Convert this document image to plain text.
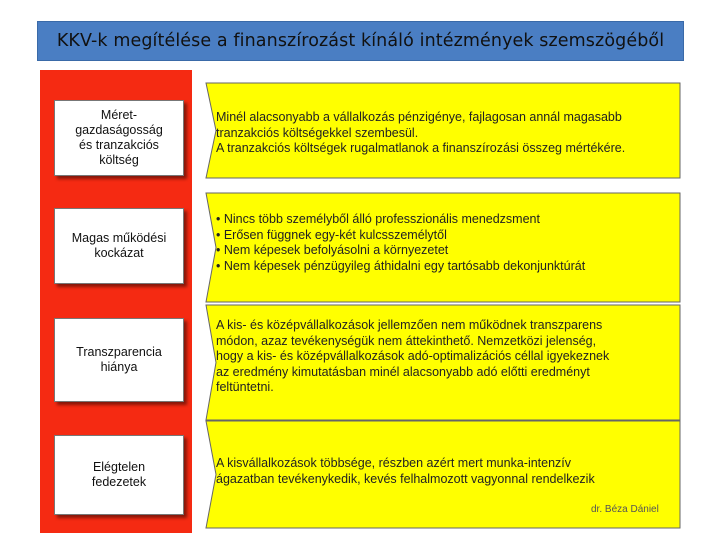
KKV-k megítélése a finanszírozást kínáló intézmények szemszögéből
Méret-
gazdaságosság
és tranzakciós
költség
Magas működési
kockázat
Transzparencia
hiánya
Elégtelen
fedezetek
Minél alacsonyabb a vállalkozás pénzigénye, fajlagosan annál magasabb
tranzakciós költségekkel szembesül.
A tranzakciós költségek rugalmatlanok a finanszírozási összeg mértékére.
• Nincs több személyből álló professzionális menedzsment
• Erősen függnek egy-két kulcsszemélytől
• Nem képesek befolyásolni a környezetet
• Nem képesek pénzügyileg áthidalni egy tartósabb dekonjunktúrát
A kis- és középvállalkozások jellemzően nem működnek transzparens
módon, azaz tevékenységük nem áttekinthető. Nemzetközi jelenség,
hogy a kis- és középvállalkozások adó-optimalizációs céllal igyekeznek
az eredmény kimutatásban minél alacsonyabb adó előtti eredményt
feltüntetni.
A kisvállalkozások többsége, részben azért mert munka-intenzív
ágazatban tevékenykedik, kevés felhalmozott vagyonnal rendelkezik
dr. Béza Dániel
